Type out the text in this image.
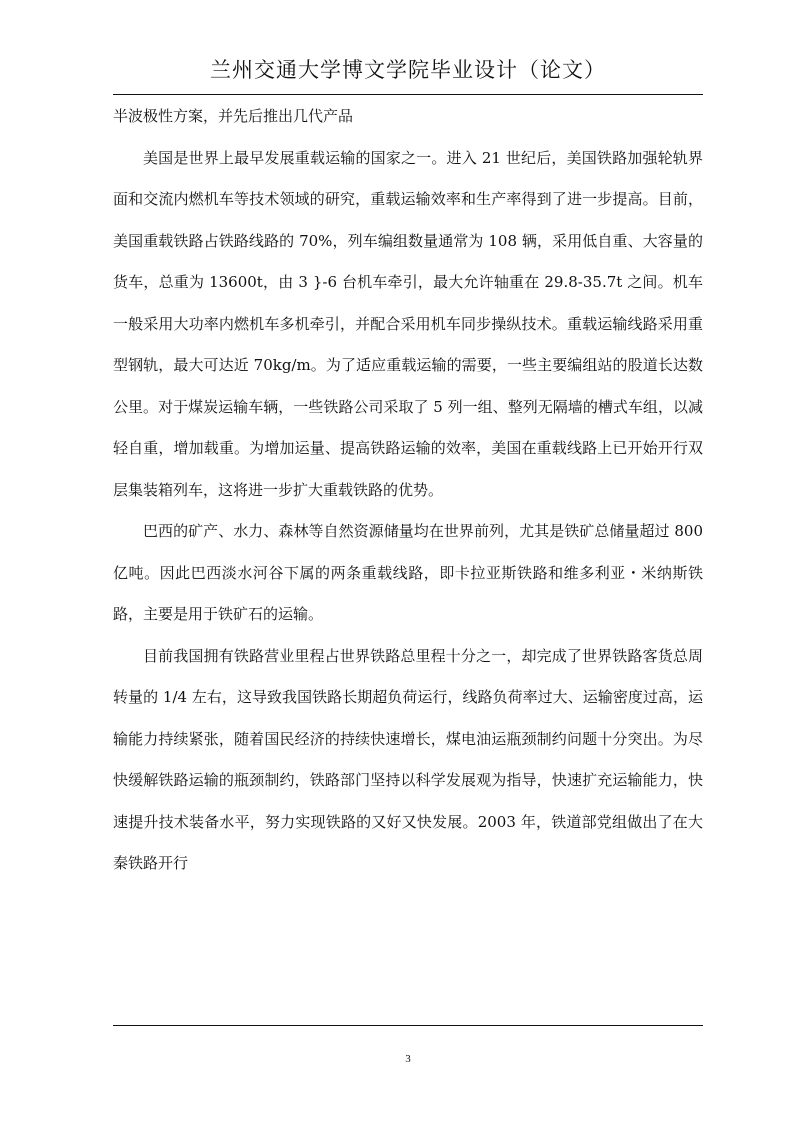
兰州交通大学博文学院毕业设计（论文）

半波极性方案，并先后推出几代产品

美国是世界上最早发展重载运输的国家之一。进入 21 世纪后，美国铁路加强轮轨界面和交流内燃机车等技术领域的研究，重载运输效率和生产率得到了进一步提高。目前，美国重载铁路占铁路线路的 70%，列车编组数量通常为 108 辆，采用低自重、大容量的货车，总重为 13600t，由 3 }-6 台机车牵引，最大允许轴重在 29.8-35.7t 之间。机车一般采用大功率内燃机车多机牵引，并配合采用机车同步操纵技术。重载运输线路采用重型钢轨，最大可达近 70kg/m。为了适应重载运输的需要，一些主要编组站的股道长达数公里。对于煤炭运输车辆，一些铁路公司采取了 5 列一组、整列无隔墙的槽式车组，以减轻自重，增加载重。为增加运量、提高铁路运输的效率，美国在重载线路上已开始开行双层集装箱列车，这将进一步扩大重载铁路的优势。

巴西的矿产、水力、森林等自然资源储量均在世界前列，尤其是铁矿总储量超过 800 亿吨。因此巴西淡水河谷下属的两条重载线路，即卡拉亚斯铁路和维多利亚・米纳斯铁路，主要是用于铁矿石的运输。

目前我国拥有铁路营业里程占世界铁路总里程十分之一，却完成了世界铁路客货总周转量的 1/4 左右，这导致我国铁路长期超负荷运行，线路负荷率过大、运输密度过高，运输能力持续紧张，随着国民经济的持续快速增长，煤电油运瓶颈制约问题十分突出。为尽快缓解铁路运输的瓶颈制约，铁路部门坚持以科学发展观为指导，快速扩充运输能力，快速提升技术装备水平，努力实现铁路的又好又快发展。2003 年，铁道部党组做出了在大秦铁路开行

3
